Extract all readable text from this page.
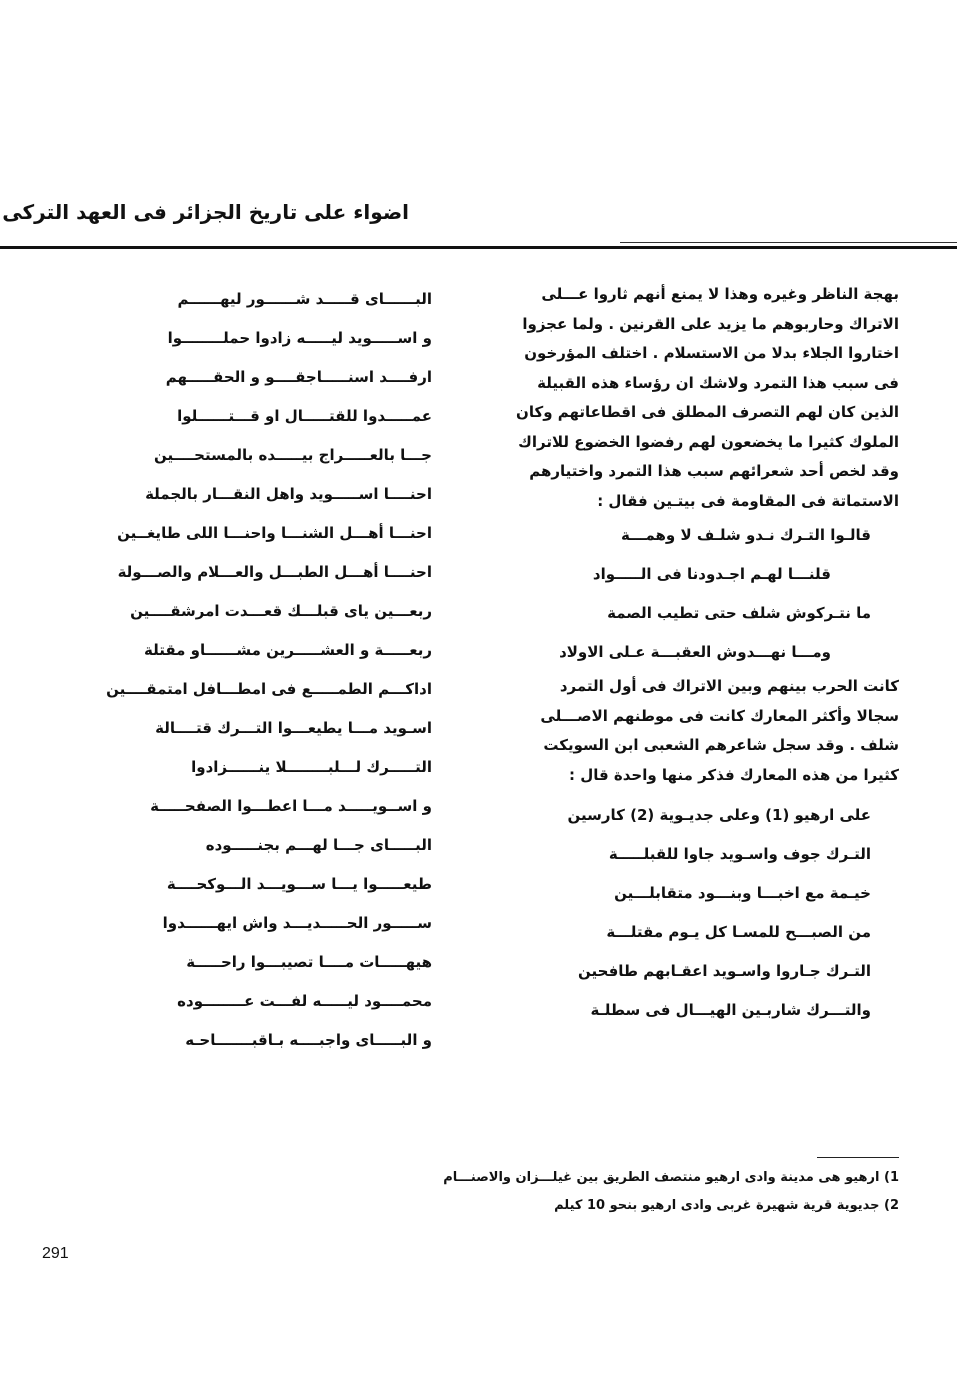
اضواء على تاريخ الجزائر فى العهد التركى
بهجة الناظر وغيره وهذا لا يمنع أنهم ثاروا عـــلى
الاتراك وحاربوهم ما يزيد على القرنين . ولما عجزوا
اختاروا الجلاء بدلا من الاستسلام . اختلف المؤرخون
فى سبب هذا التمرد ولاشك ان رؤساء هذه القبيلة
الذين كان لهم التصرف المطلق فى اقطاعاتهم وكان
الملوك كثيرا ما يخضعون لهم رفضوا الخضوع للاتراك
وقد لخص أحد شعرائهم سبب هذا التمرد واختيارهم
الاستماتة فى المقاومة فى بيتـين فقال :
قالـوا التـرك نـدو شلـف لا وهمـــة
قلنـــا لهـم اجـدودنا فى الـــــواد
ما نتـركوش شلف حتى تطيب الصمة
ومـــا نهـــدوش العقبـــة عـلى الاولاد
كانت الحرب بينهم وبين الاتراك فى أول التمرد
سجالا وأكثر المعارك كانت فى موطنهم الاصـــلى
شلف . وقد سجل شاعرهم الشعبى ابن السويكت
كثيرا من هذه المعارك فذكر منها واحدة قال :
على ارهيو (1) وعلى جديـوية (2) كارسين
التـرك جوف واسـويد جاوا للقبلـــــة
خيـمة مع اخبـــا وبنـــود متقابلـــين
من الصبـــح للمسـا كل يـوم مقتلـــة
التـرك جـاروا واسـويد اعقـابهم طافحين
والتـــرك شاربـين الهيـــال فى سطلـة
البــــــاى قـــــد شــــــور ليهــــــم
و اســـــويد ليـــــه زادوا حملــــــــوا
ارفــــد اسنـــــاجقــــو و الحقـــــهم
عمـــــدوا للقتـــــال او قـــتــــــلوا
جـــا بالعـــــراج بيـــــده بالمستحــــين
احنــــا اســـــويد واهل النقـــار بالجملة
احنـــا أهـــل الشنـــا واحنـــا اللى طايغــين
احنــــا أهـــل الطبـــل والعـــلام والصـــولة
ربعـــين ياى قبلـــك قعـــدت امرشقــــين
ربعـــــة و العشـــــرين مشــــــاو مقتلة
اداكـــم الطمـــــع فى امطـــافل امتمقــــين
اسـويد مـــا يطيعـــوا التـــرك قتــــالة
التـــــرك لـــلبــــــــلا ينــــــزادوا
و اســويـــــد مـــا اعطـــوا الصفحـــــة
البـــــاى جـــا لهـــم بجنـــــوده
طيعـــــوا يـــا ســـويـــد الـــوكحــــة
ســـــور الحـــــديـــد واش ايهــــــدوا
هيهـــــات مــــا تصيبـــوا راحـــــة
محمــــود ليـــــه لفـــت عــــــــوده
و البـــــاى واجبــــه بـاقبـــــــاحـه
1) ارهيو هى مدينة وادى ارهيو منتصف الطريق بين غيلـــزان والاصنـــام
2) جديوية قرية شهيرة غربى وادى ارهيو بنحو 10 كيلم
291
